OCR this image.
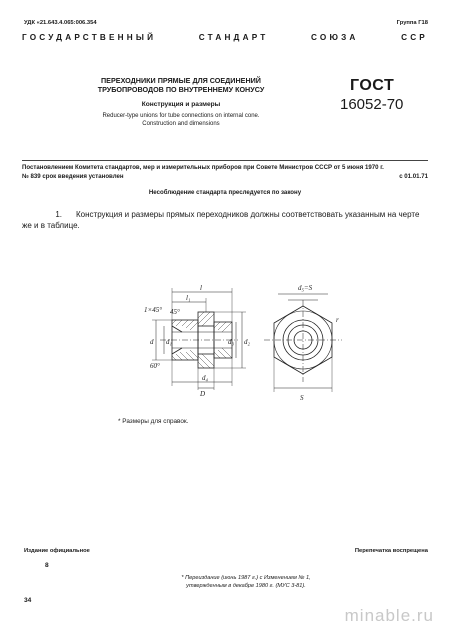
УДК «21.643.4.065:006.354	Группа Г18
ГОСУДАРСТВЕННЫЙ	СТАНДАРТ	СОЮЗА	ССР
ПЕРЕХОДНИКИ ПРЯМЫЕ ДЛЯ СОЕДИНЕНИЙ
ТРУБОПРОВОДОВ ПО ВНУТРЕННЕМУ КОНУСУ
Конструкция и размеры
Reducer-type unions for tube connections on internal cone.
Construction and dimensions
ГОСТ
16052-70
Постановлением Комитета стандартов, мер и измерительных приборов при Совете Министров СССР от 5 июня 1970 г.
№ 839 срок введения установлен	с 01.01.71
Несоблюдение стандарта преследуется по закону
1. Конструкция и размеры прямых переходников должны соответствовать указанным на черте же и в таблице.
l
l₁
1×45° 45°
d d₁	d₂
d₃
d₄
D
60°
d₅=S
S
r
* Размеры для справок.
Издание официальное	Перепечатка воспрещена
8
* Переиздание (июнь 1987 г.) с Изменением № 1,
утвержденным в декабре 1980 г. (МУС 3-81).
34
minable.ru
